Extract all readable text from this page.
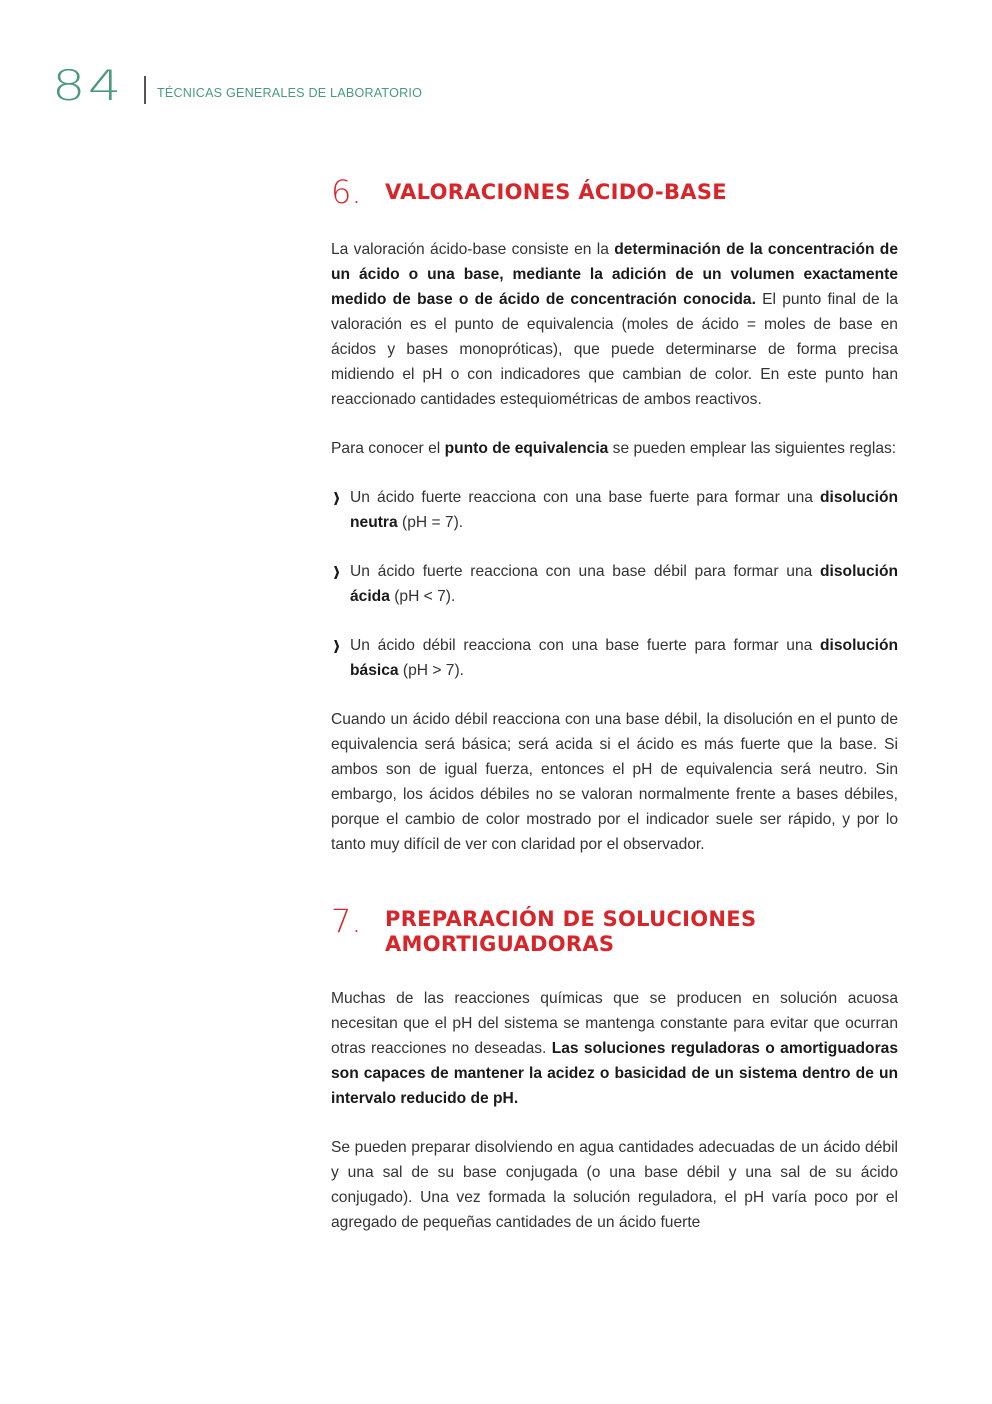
84	TÉCNICAS GENERALES DE LABORATORIO
6. VALORACIONES ÁCIDO-BASE

La valoración ácido-base consiste en la determinación de la concentración de un ácido o una base, mediante la adición de un volumen exactamente medido de base o de ácido de concentración conocida. El punto final de la valoración es el punto de equivalencia (moles de ácido = moles de base en ácidos y bases monopróticas), que puede determinarse de forma precisa midiendo el pH o con indicadores que cambian de color. En este punto han reaccionado cantidades estequiométricas de ambos reactivos.

Para conocer el punto de equivalencia se pueden emplear las siguientes reglas:

❱ Un ácido fuerte reacciona con una base fuerte para formar una disolución neutra (pH = 7).

❱ Un ácido fuerte reacciona con una base débil para formar una disolución ácida (pH < 7).

❱ Un ácido débil reacciona con una base fuerte para formar una disolución básica (pH > 7).

Cuando un ácido débil reacciona con una base débil, la disolución en el punto de equivalencia será básica; será acida si el ácido es más fuerte que la base. Si ambos son de igual fuerza, entonces el pH de equivalencia será neutro. Sin embargo, los ácidos débiles no se valoran normalmente frente a bases débiles, porque el cambio de color mostrado por el indicador suele ser rápido, y por lo tanto muy difícil de ver con claridad por el observador.

7. PREPARACIÓN DE SOLUCIONES
AMORTIGUADORAS

Muchas de las reacciones químicas que se producen en solución acuosa necesitan que el pH del sistema se mantenga constante para evitar que ocurran otras reacciones no deseadas. Las soluciones reguladoras o amortiguadoras son capaces de mantener la acidez o basicidad de un sistema dentro de un intervalo reducido de pH.

Se pueden preparar disolviendo en agua cantidades adecuadas de un ácido débil y una sal de su base conjugada (o una base débil y una sal de su ácido conjugado). Una vez formada la solución reguladora, el pH varía poco por el agregado de pequeñas cantidades de un ácido fuerte
